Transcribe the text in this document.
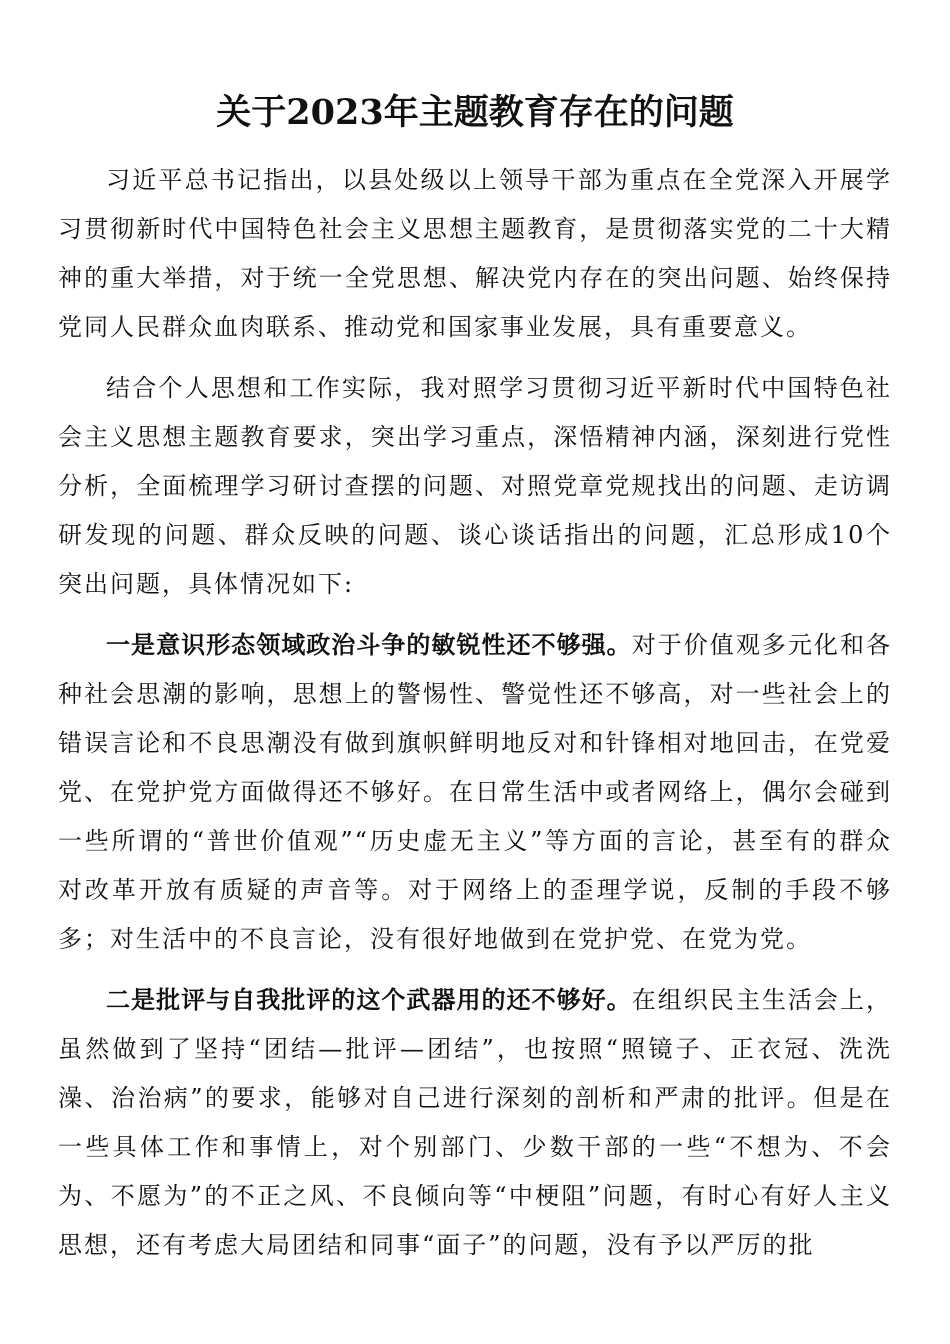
关于2023年主题教育存在的问题

习近平总书记指出，以县处级以上领导干部为重点在全党深入开展学习贯彻新时代中国特色社会主义思想主题教育，是贯彻落实党的二十大精神的重大举措，对于统一全党思想、解决党内存在的突出问题、始终保持党同人民群众血肉联系、推动党和国家事业发展，具有重要意义。

结合个人思想和工作实际，我对照学习贯彻习近平新时代中国特色社会主义思想主题教育要求，突出学习重点，深悟精神内涵，深刻进行党性分析，全面梳理学习研讨查摆的问题、对照党章党规找出的问题、走访调研发现的问题、群众反映的问题、谈心谈话指出的问题，汇总形成10个突出问题，具体情况如下:

一是意识形态领域政治斗争的敏锐性还不够强。对于价值观多元化和各种社会思潮的影响，思想上的警惕性、警觉性还不够高，对一些社会上的错误言论和不良思潮没有做到旗帜鲜明地反对和针锋相对地回击，在党爱党、在党护党方面做得还不够好。在日常生活中或者网络上，偶尔会碰到一些所谓的“普世价值观”“历史虚无主义”等方面的言论，甚至有的群众对改革开放有质疑的声音等。对于网络上的歪理学说，反制的手段不够多；对生活中的不良言论，没有很好地做到在党护党、在党为党。

二是批评与自我批评的这个武器用的还不够好。在组织民主生活会上，虽然做到了坚持“团结—批评—团结”，也按照“照镜子、正衣冠、洗洗澡、治治病”的要求，能够对自己进行深刻的剖析和严肃的批评。但是在一些具体工作和事情上，对个别部门、少数干部的一些“不想为、不会为、不愿为”的不正之风、不良倾向等“中梗阻”问题，有时心有好人主义思想，还有考虑大局团结和同事“面子”的问题，没有予以严厉的批
